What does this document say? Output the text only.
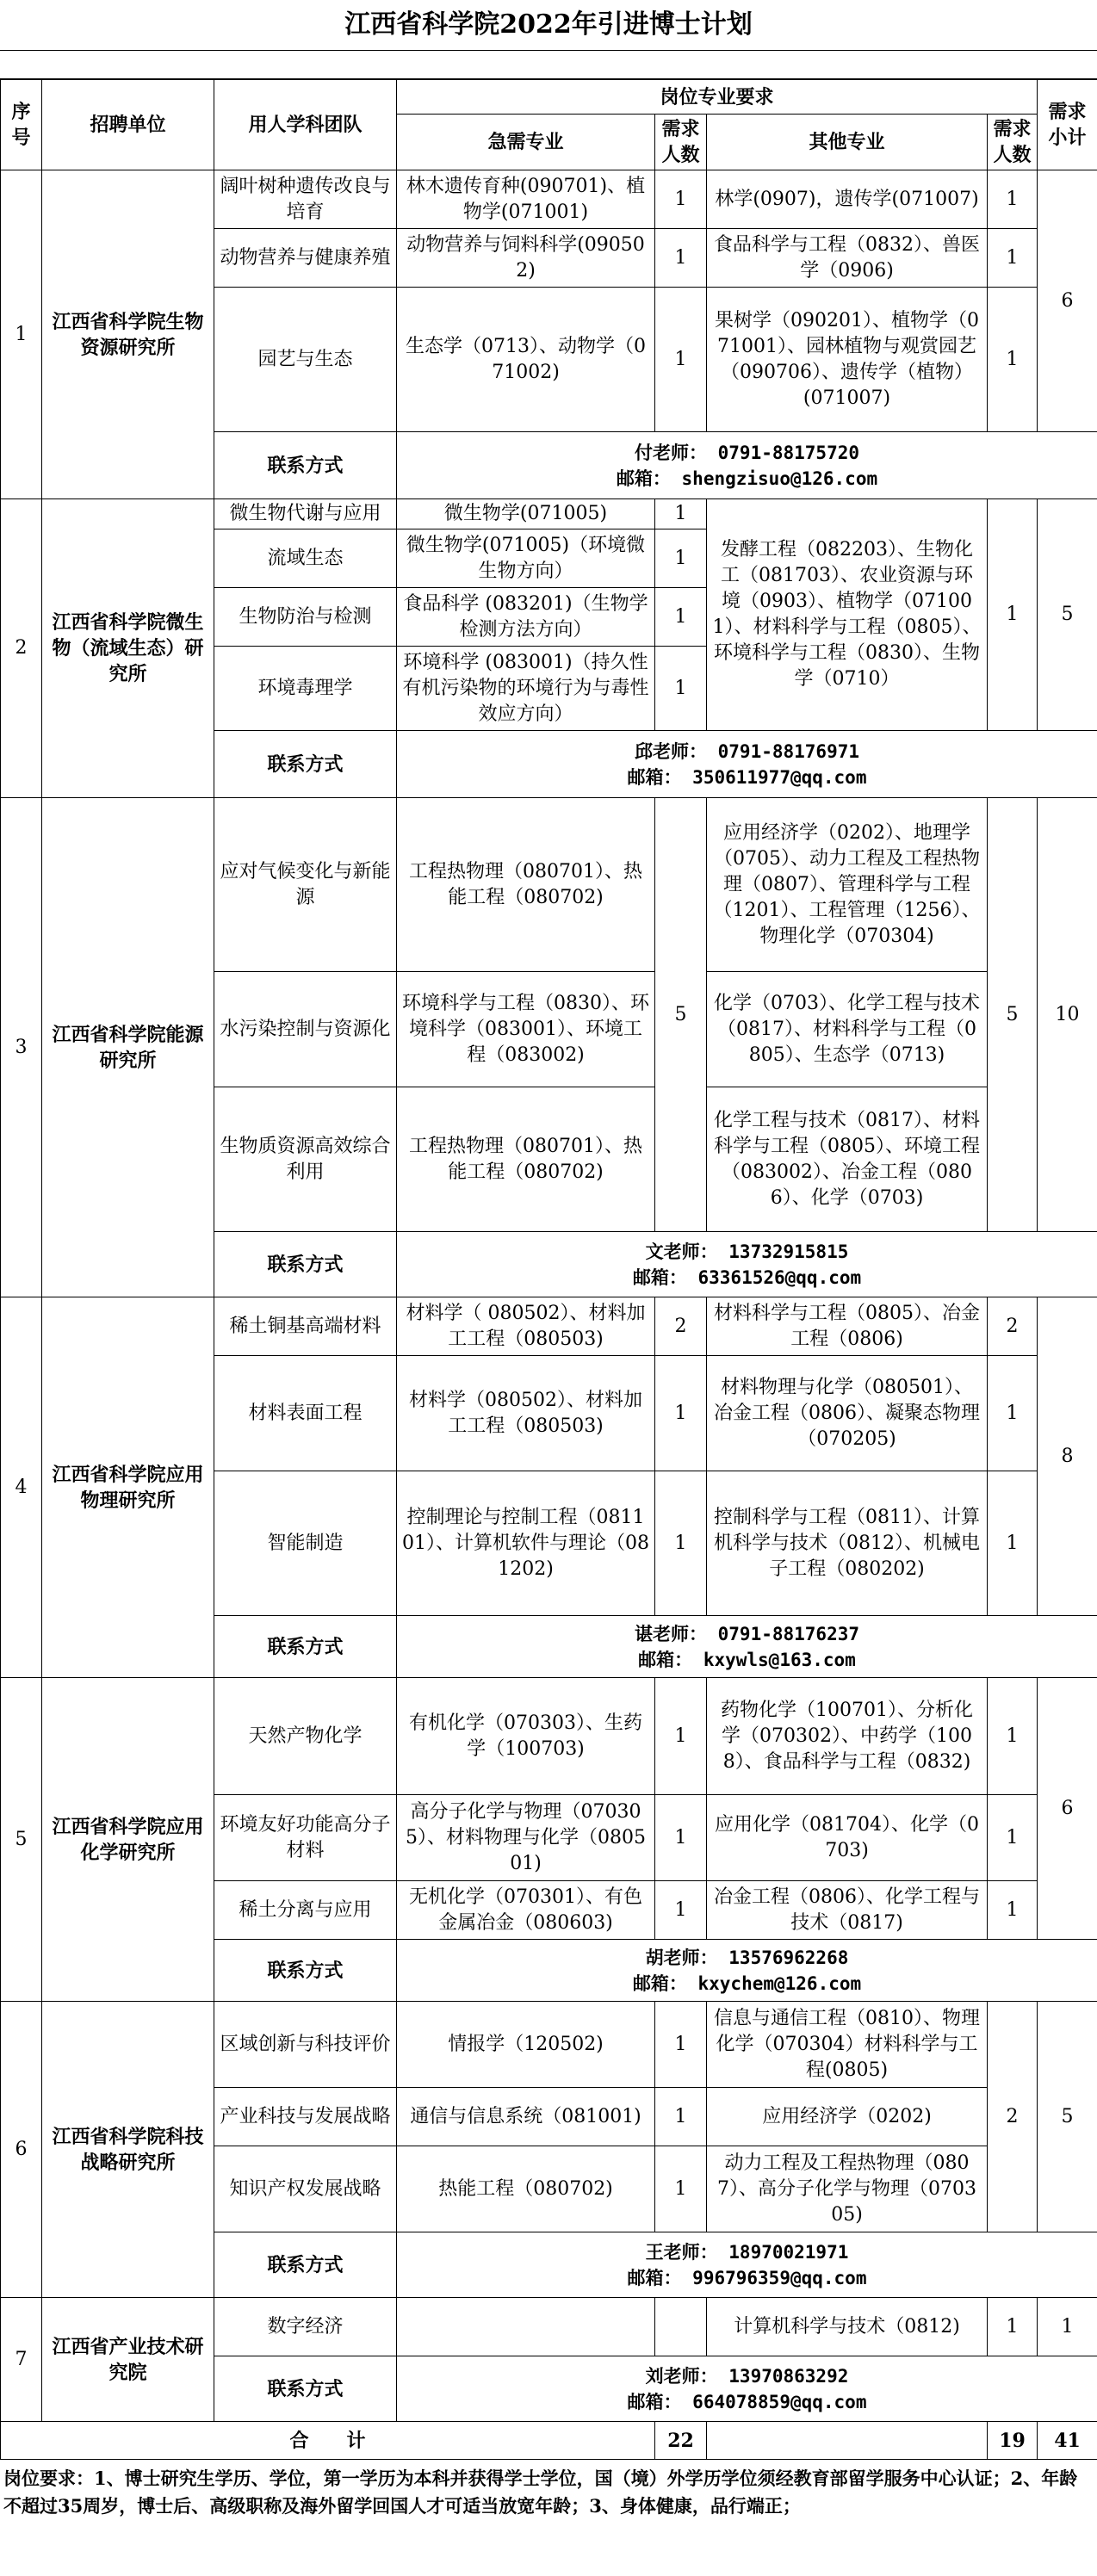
江西省科学院2022年引进博士计划
序号	招聘单位	用人学科团队	岗位专业要求				需求小计
			急需专业	需求人数	其他专业	需求人数	
1	江西省科学院生物资源研究所	阔叶树种遗传改良与培育	林木遗传育种(090701)、植物学(071001)	1	林学(0907)，遗传学(071007)	1	6
		动物营养与健康养殖	动物营养与饲料科学(090502)	1	食品科学与工程（0832）、兽医学（0906)	1	
		园艺与生态	生态学（0713）、动物学（071002)	1	果树学（090201）、植物学（071001）、园林植物与观赏园艺（090706）、遗传学（植物）(071007)	1	
		联系方式	付老师： 0791-88175720
邮箱： shengzisuo@126.com				

2	江西省科学院微生物（流域生态）研究所	微生物代谢与应用	微生物学(071005)	1	发酵工程（082203）、生物化工（081703）、农业资源与环境（0903）、植物学（071001）、材料科学与工程（0805）、环境科学与工程（0830）、生物学（0710）	1	5
		流域生态	微生物学(071005)（环境微生物方向）	1			
		生物防治与检测	食品科学 (083201)（生物学检测方法方向）	1			
		环境毒理学	环境科学 (083001)（持久性有机污染物的环境行为与毒性效应方向）	1			
		联系方式	邱老师： 0791-88176971
邮箱： 350611977@qq.com				

3	江西省科学院能源研究所	应对气候变化与新能源	工程热物理（080701）、热能工程（080702)	5	应用经济学（0202）、地理学（0705）、动力工程及工程热物理（0807）、管理科学与工程（1201）、工程管理（1256）、物理化学（070304)	5	10
		水污染控制与资源化	环境科学与工程（0830）、环境科学（083001）、环境工程（083002)		化学（0703）、化学工程与技术（0817）、材料科学与工程（0805）、生态学（0713)		
		生物质资源高效综合利用	工程热物理（080701）、热能工程（080702)		化学工程与技术（0817）、材料科学与工程（0805）、环境工程（083002）、冶金工程（0806）、化学（0703)		
		联系方式	文老师： 13732915815
邮箱： 63361526@qq.com				

4	江西省科学院应用物理研究所	稀土铜基高端材料	材料学（ 080502）、材料加工工程（080503)	2	材料科学与工程（0805）、冶金工程（0806)	2	8
		材料表面工程	材料学（080502）、材料加工工程（080503)	1	材料物理与化学（080501）、冶金工程（0806）、凝聚态物理（070205)	1	
		智能制造	控制理论与控制工程（081101）、计算机软件与理论（081202)	1	控制科学与工程（0811）、计算机科学与技术（0812）、机械电子工程（080202)	1	
		联系方式	谌老师： 0791-88176237
邮箱： kxywls@163.com				

5	江西省科学院应用化学研究所	天然产物化学	有机化学（070303）、生药学（100703)	1	药物化学（100701）、分析化学（070302）、中药学（1008）、食品科学与工程（0832)	1	6
		环境友好功能高分子材料	高分子化学与物理（070305）、材料物理与化学（080501)	1	应用化学（081704）、化学（0703)	1	
		稀土分离与应用	无机化学（070301）、有色金属冶金（080603)	1	冶金工程（0806）、化学工程与技术（0817)	1	
		联系方式	胡老师： 13576962268
邮箱： kxychem@126.com				

6	江西省科学院科技战略研究所	区域创新与科技评价	情报学（120502)	1	信息与通信工程（0810）、物理化学（070304）材料科学与工程(0805)	2	5
		产业科技与发展战略	通信与信息系统（081001)	1	应用经济学（0202)		
		知识产权发展战略	热能工程（080702)	1	动力工程及工程热物理（0807）、高分子化学与物理（070305)		
		联系方式	王老师： 18970021971
邮箱： 996796359@qq.com				

7	江西省产业技术研究院	数字经济			计算机科学与技术（0812)	1	1
		联系方式	刘老师： 13970863292
邮箱： 664078859@qq.com				

合　　计				22		19	41
岗位要求：1、博士研究生学历、学位，第一学历为本科并获得学士学位，国（境）外学历学位须经教育部留学服务中心认证；2、年龄不超过35周岁，博士后、高级职称及海外留学回国人才可适当放宽年龄；3、身体健康，品行端正；
